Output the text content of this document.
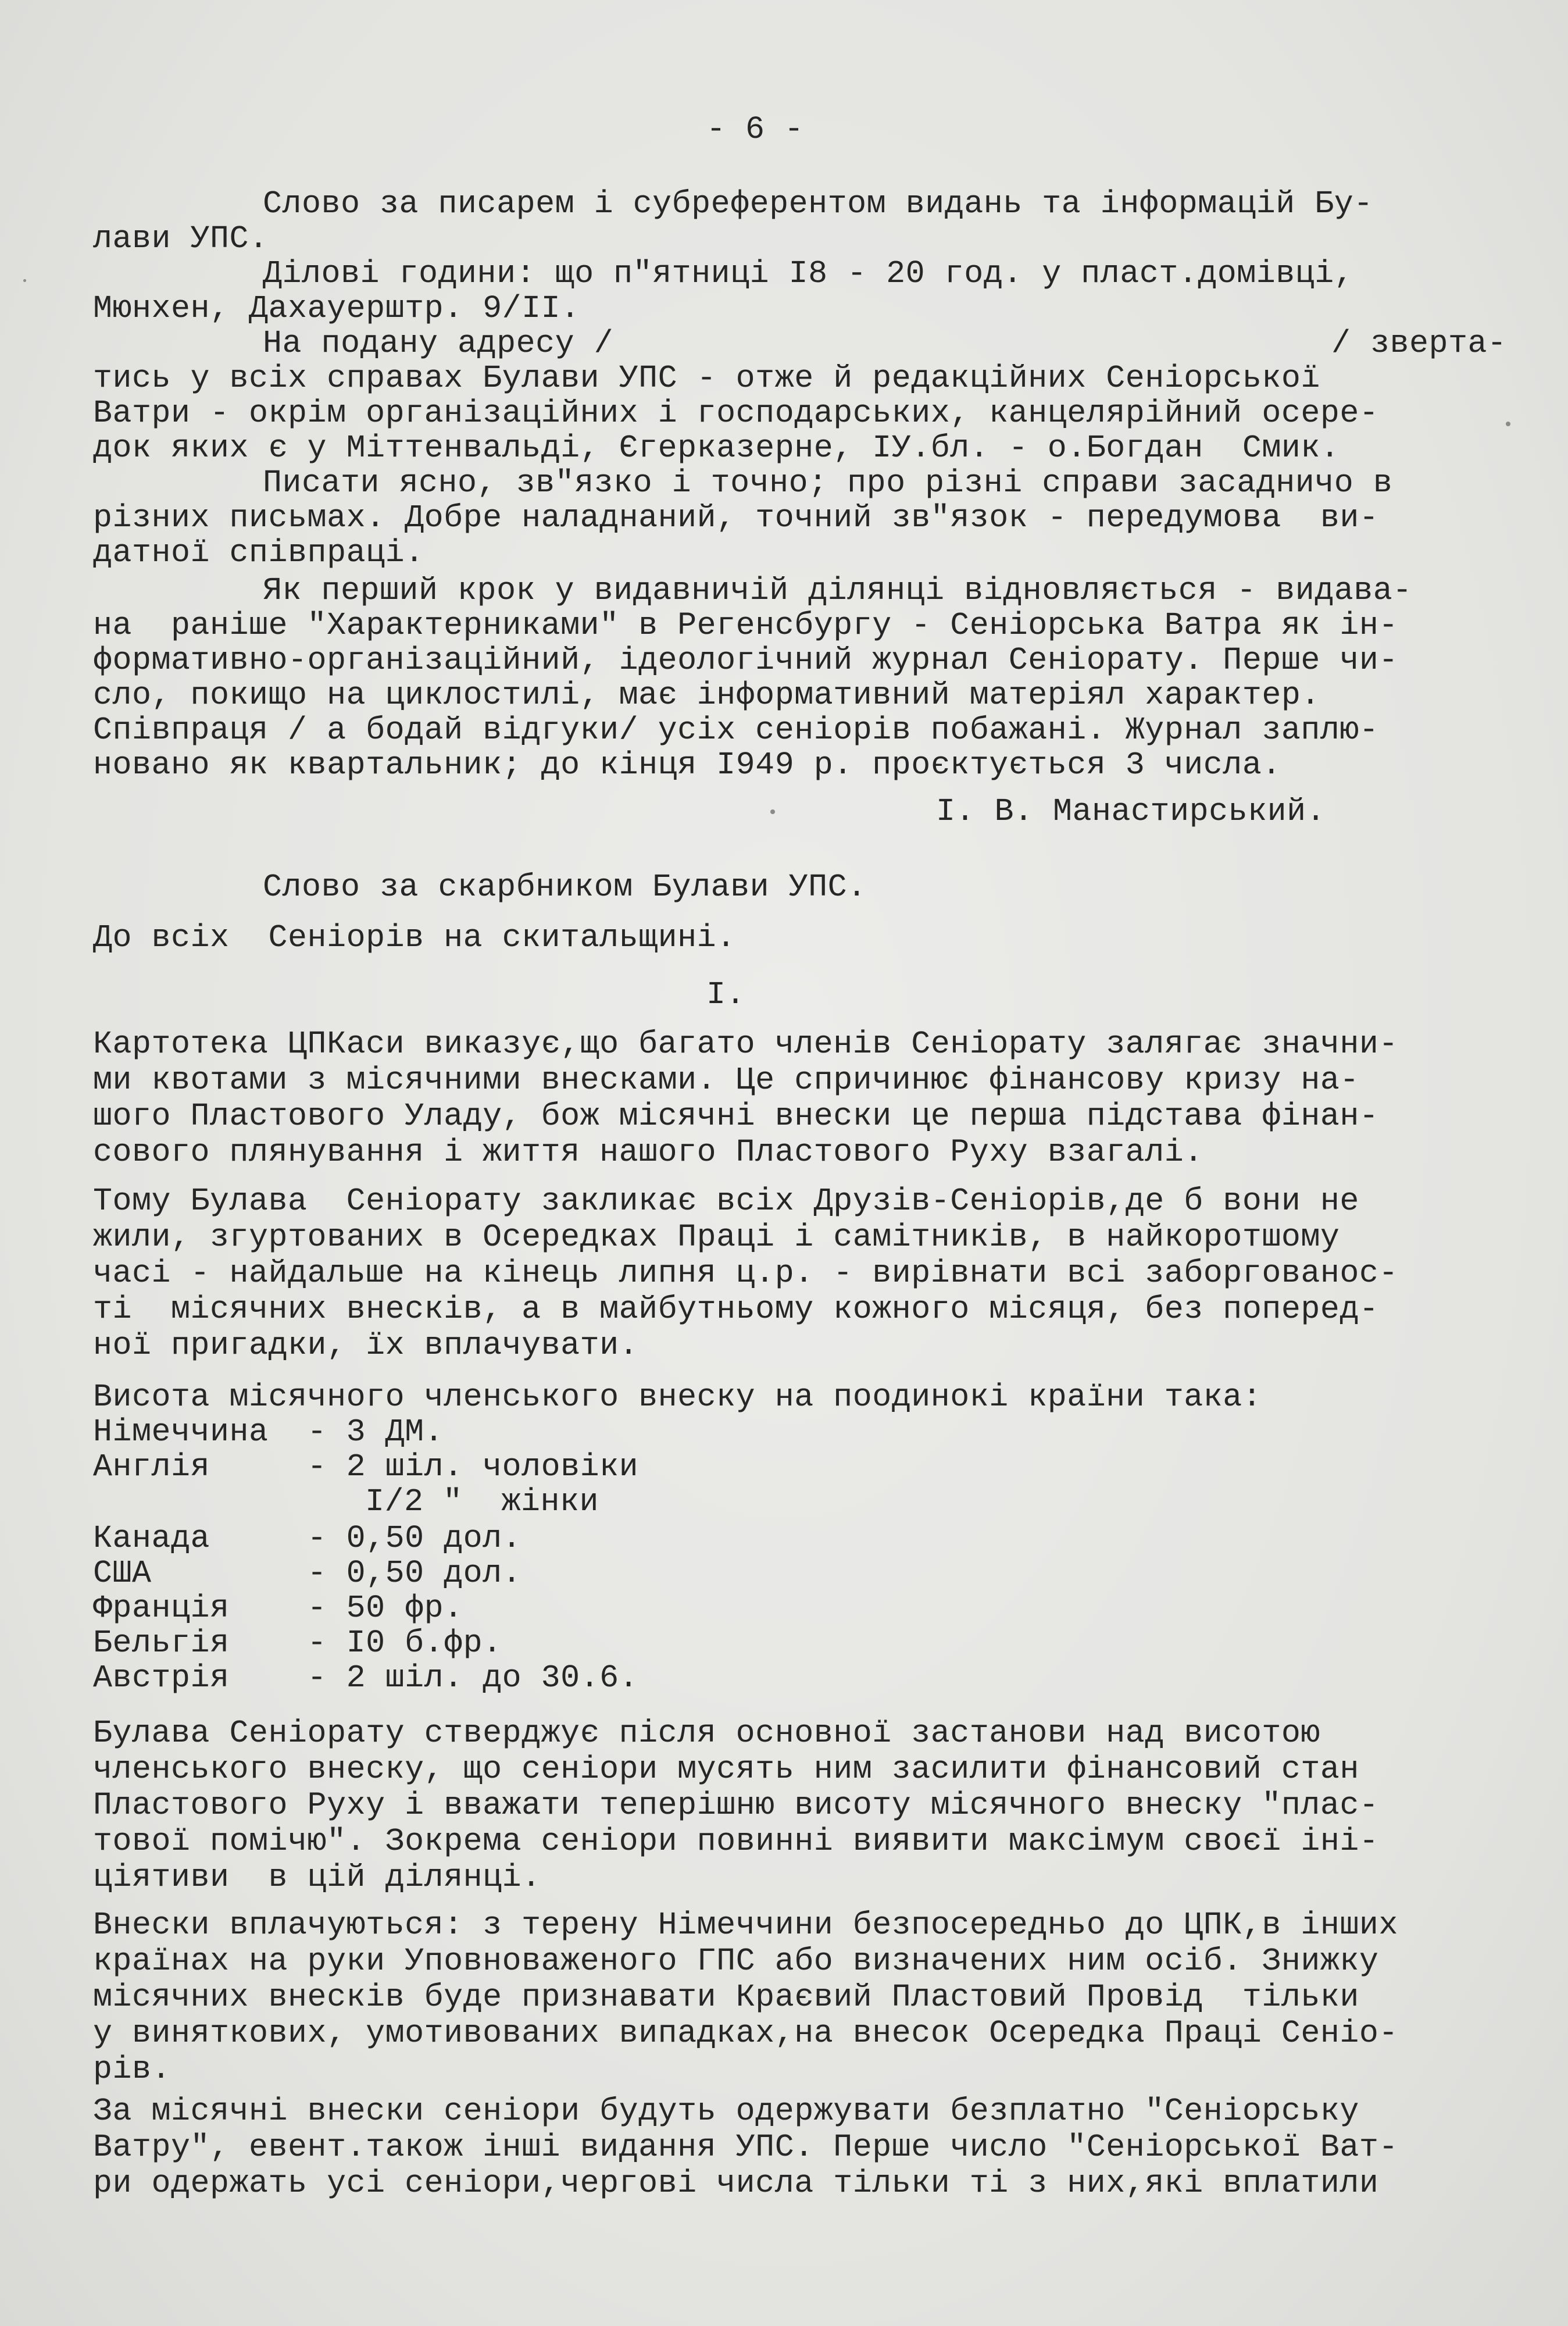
- 6 -

Слово за писарем і субреферентом видань та інформацій Бу-

лави УПС.

Ділові години: що п"ятниці I8 - 20 год. у пласт.домівці,

Мюнхен, Дахауерштр. 9/II.

На подану адресу /	/ зверта-

тись у всіх справах Булави УПС - отже й редакційних Сеніорської

Ватри - окрім організаційних і господарських, канцелярійний осере-

док яких є у Міттенвальді, Єгерказерне, IУ.бл. - о.Богдан  Смик.

Писати ясно, зв"язко і точно; про різні справи засадничо в

різних письмах. Добре наладнаний, точний зв"язок - передумова  ви-

датної співпраці.

Як перший крок у видавничій ділянці відновляється - видава-

на  раніше "Характерниками" в Регенсбургу - Сеніорська Ватра як ін-

формативно-організаційний, ідеологічний журнал Сеніорату. Перше чи-

сло, покищо на циклостилі, має інформативний матеріял характер.

Співпраця / а бодай відгуки/ усіх сеніорів побажані. Журнал заплю-

новано як квартальник; до кінця I949 р. проєктується 3 числа.

І. В. Манастирський.

Слово за скарбником Булави УПС.

До всіх  Сеніорів на скитальщині.

І.

Картотека ЦПКаси виказує,що багато членів Сеніорату залягає значни-

ми квотами з місячними внесками. Це спричинює фінансову кризу на-

шого Пластового Уладу, бож місячні внески це перша підстава фінан-

сового плянування і життя нашого Пластового Руху взагалі.

Тому Булава  Сеніорату закликає всіх Друзів-Сеніорів,де б вони не

жили, згуртованих в Осередках Праці і самітників, в найкоротшому

часі - найдальше на кінець липня ц.р. - вирівнати всі заборгованос-

ті  місячних внесків, а в майбутньому кожного місяця, без поперед-

ної пригадки, їх вплачувати.

Висота місячного членського внеску на поодинокі країни така:

Німеччина  - 3 ДМ.

Англія     - 2 шіл. чоловіки

I/2 "  жінки

Канада     - 0,50 дол.

США        - 0,50 дол.

Франція    - 50 фр.

Бельгія    - I0 б.фр.

Австрія    - 2 шіл. до 30.6.

Булава Сеніорату стверджує після основної застанови над висотою

членського внеску, що сеніори мусять ним засилити фінансовий стан

Пластового Руху і вважати теперішню висоту місячного внеску "плас-

тової помічю". Зокрема сеніори повинні виявити максімум своєї іні-

ціятиви  в цій ділянці.

Внески вплачуються: з терену Німеччини безпосередньо до ЦПК,в інших

країнах на руки Уповноваженого ГПС або визначених ним осіб. Знижку

місячних внесків буде признавати Краєвий Пластовий Провід  тільки

у виняткових, умотивованих випадках,на внесок Осередка Праці Сеніо-

рів.

За місячні внески сеніори будуть одержувати безплатно "Сеніорську

Ватру", евент.також інші видання УПС. Перше число "Сеніорської Ват-

ри одержать усі сеніори,чергові числа тільки ті з них,які вплатили
